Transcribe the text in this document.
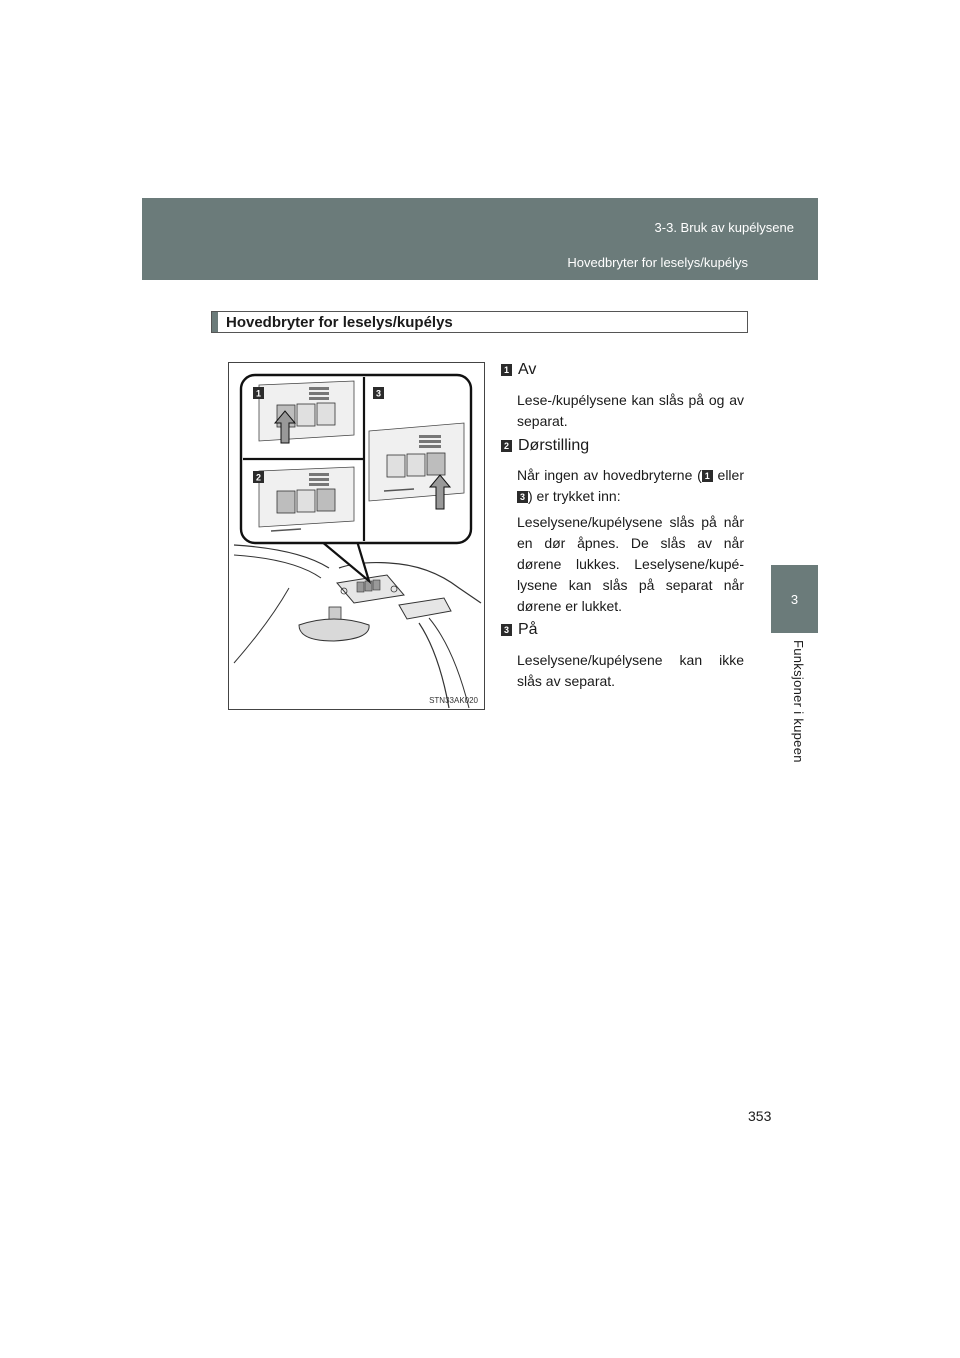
3-3. Bruk av kupélysene
Hovedbryter for leselys/kupélys
3
Funksjoner i kupeen
Hovedbryter for leselys/kupélys
1
2
3
STN33AK020
1 Av
Lese-/kupélysene kan slås på og av separat.
2 Dørstilling
Når ingen av hovedbryterne ( 1 eller 3 ) er trykket inn:
Leselysene/kupélysene slås på når en dør åpnes. De slås av når dørene lukkes. Leselysene/kupé-lysene kan slås på separat når dørene er lukket.
3 På
Leselysene/kupélysene kan ikke slås av separat.
353
